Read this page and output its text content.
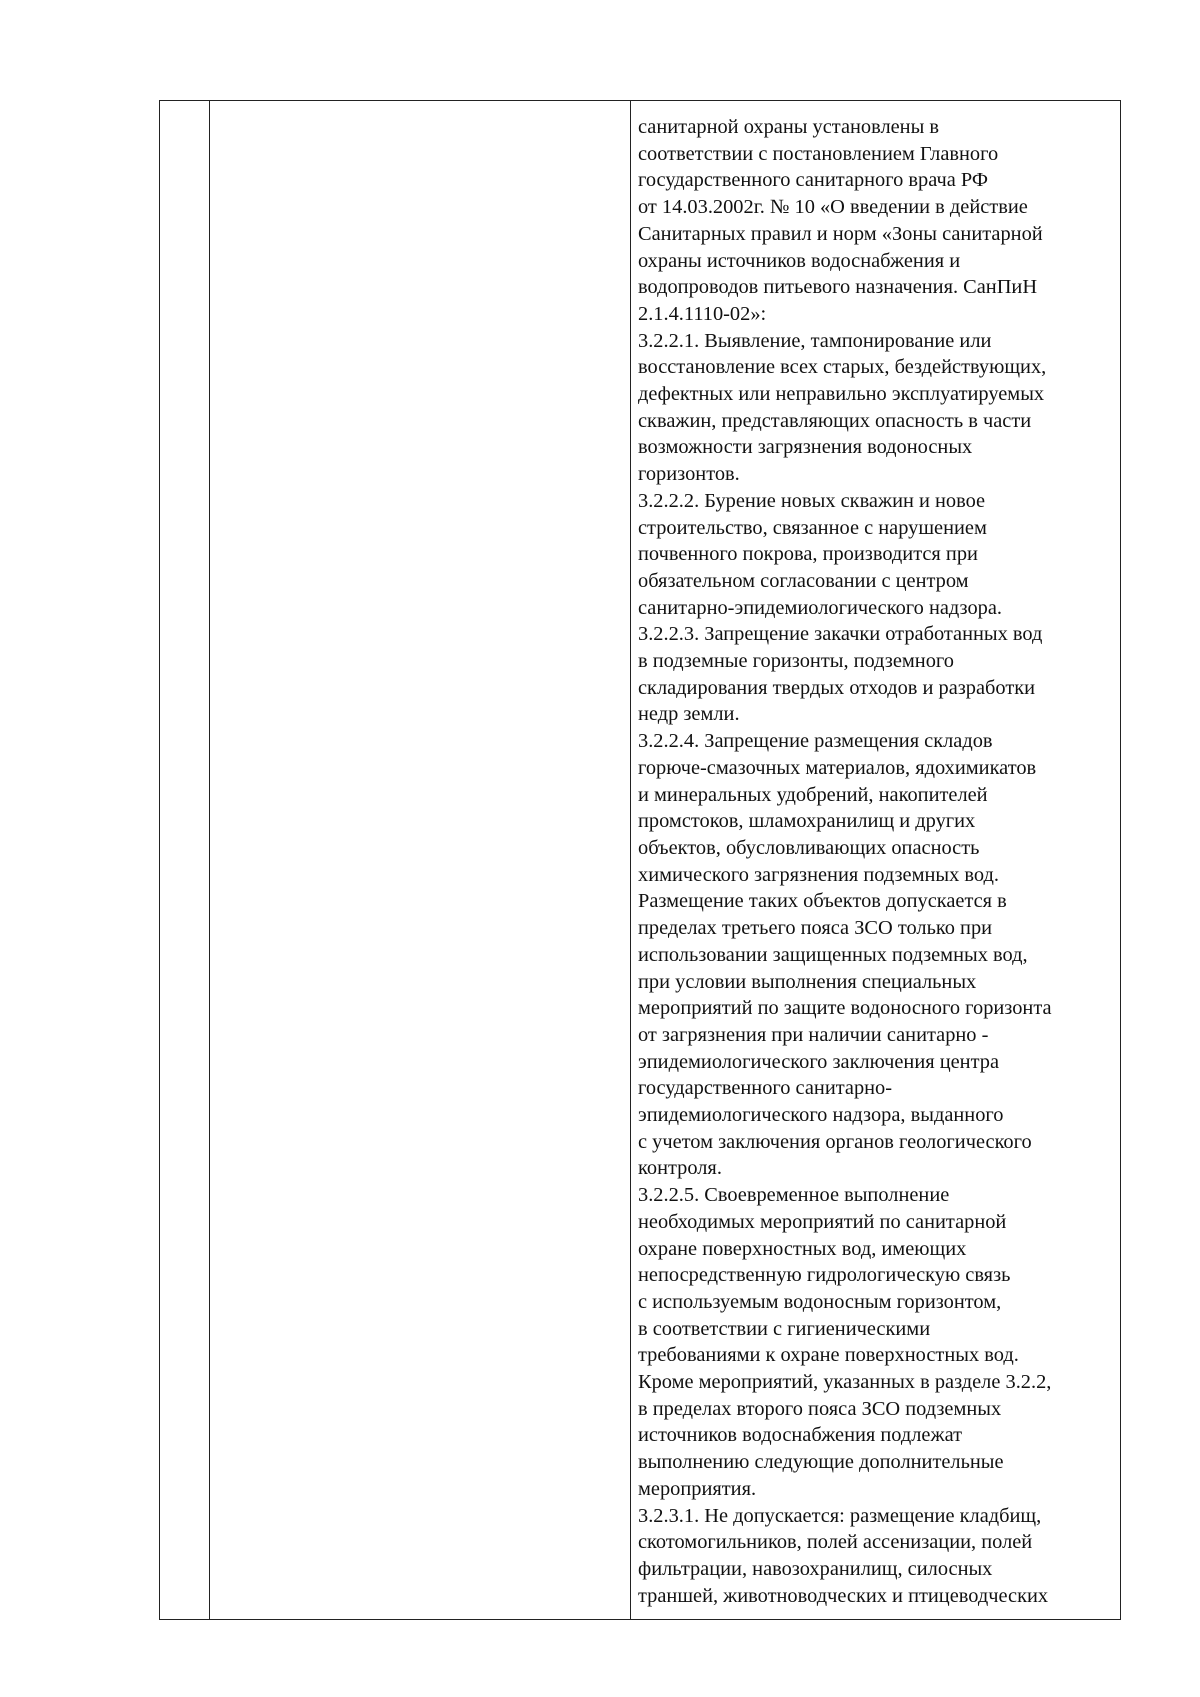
санитарной охраны установлены в
соответствии с постановлением Главного
государственного санитарного врача РФ
от 14.03.2002г. № 10 «О введении в действие
Санитарных правил и норм «Зоны санитарной
охраны источников водоснабжения и
водопроводов питьевого назначения. СанПиН
2.1.4.1110-02»:
3.2.2.1. Выявление, тампонирование или
восстановление всех старых, бездействующих,
дефектных или неправильно эксплуатируемых
скважин, представляющих опасность в части
возможности загрязнения водоносных
горизонтов.
3.2.2.2. Бурение новых скважин и новое
строительство, связанное с нарушением
почвенного покрова, производится при
обязательном согласовании с центром
санитарно-эпидемиологического надзора.
3.2.2.3. Запрещение закачки отработанных вод
в подземные горизонты, подземного
складирования твердых отходов и разработки
недр земли.
3.2.2.4. Запрещение размещения складов
горюче-смазочных материалов, ядохимикатов
и минеральных удобрений, накопителей
промстоков, шламохранилищ и других
объектов, обусловливающих опасность
химического загрязнения подземных вод.
Размещение таких объектов допускается в
пределах третьего пояса ЗСО только при
использовании защищенных подземных вод,
при условии выполнения специальных
мероприятий по защите водоносного горизонта
от загрязнения при наличии санитарно -
эпидемиологического заключения центра
государственного санитарно-
эпидемиологического надзора, выданного
с учетом заключения органов геологического
контроля.
3.2.2.5. Своевременное выполнение
необходимых мероприятий по санитарной
охране поверхностных вод, имеющих
непосредственную гидрологическую связь
с используемым водоносным горизонтом,
в соответствии с гигиеническими
требованиями к охране поверхностных вод.
Кроме мероприятий, указанных в разделе 3.2.2,
в пределах второго пояса ЗСО подземных
источников водоснабжения подлежат
выполнению следующие дополнительные
мероприятия.
3.2.3.1. Не допускается: размещение кладбищ,
скотомогильников, полей ассенизации, полей
фильтрации, навозохранилищ, силосных
траншей, животноводческих и птицеводческих
